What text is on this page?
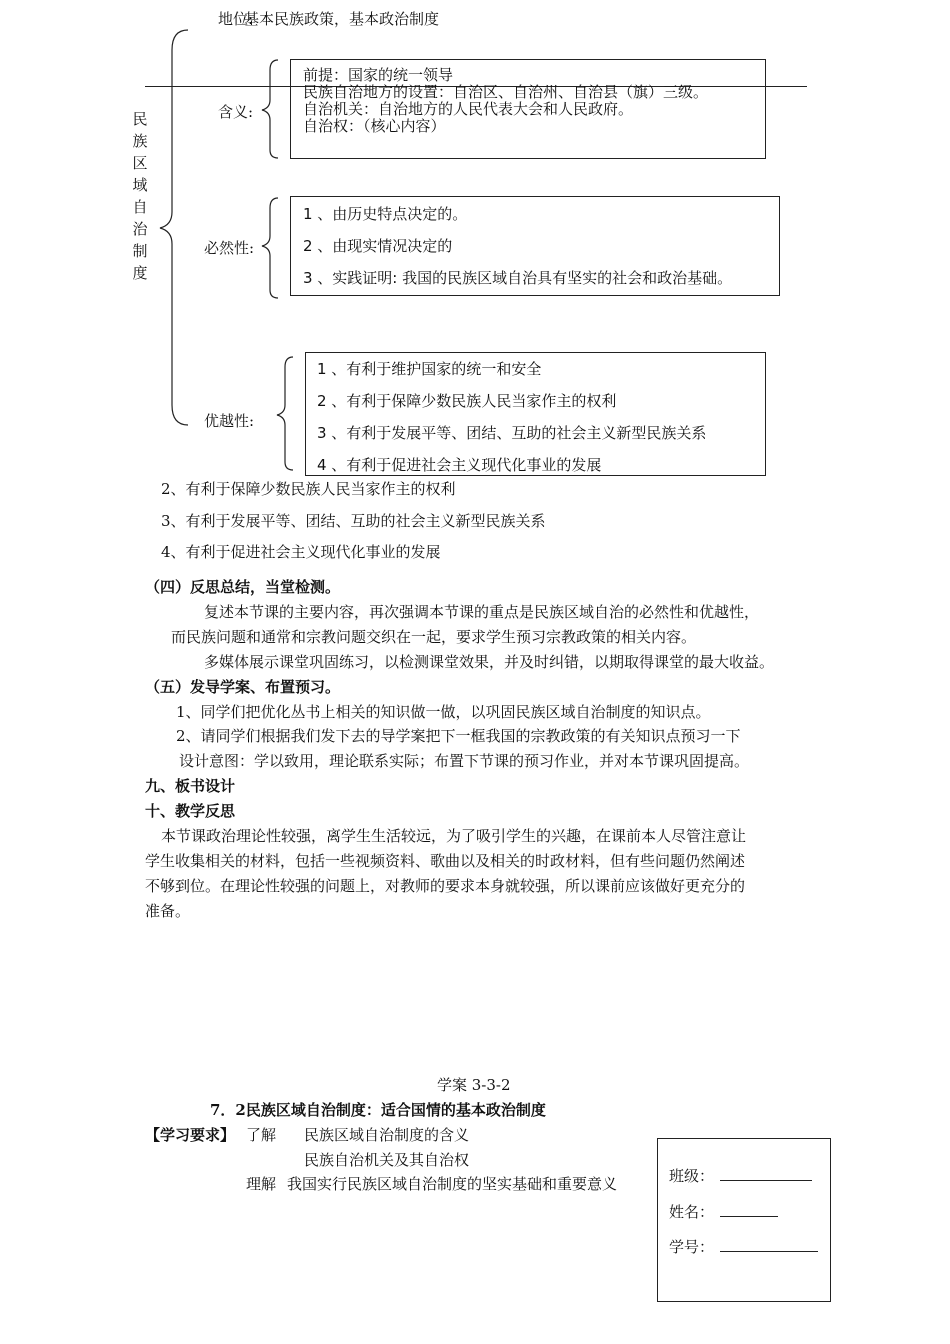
民族区域自治制度
地位:
基本民族政策，基本政治制度
含义:
前提：国家的统一领导
民族自治地方的设置：自治区、自治州、自治县（旗）三级。
自治机关：自治地方的人民代表大会和人民政府。
自治权：（核心内容）
必然性:
1 、由历史特点决定的。
2 、由现实情况决定的
3 、实践证明: 我国的民族区域自治具有坚实的社会和政治基础。
优越性:
1 、有利于维护国家的统一和安全
2 、有利于保障少数民族人民当家作主的权利
3 、有利于发展平等、团结、互助的社会主义新型民族关系
4 、有利于促进社会主义现代化事业的发展
2、有利于保障少数民族人民当家作主的权利
3、有利于发展平等、团结、互助的社会主义新型民族关系
4、有利于促进社会主义现代化事业的发展
（四）反思总结，当堂检测。
复述本节课的主要内容，再次强调本节课的重点是民族区域自治的必然性和优越性，
而民族问题和通常和宗教问题交织在一起，要求学生预习宗教政策的相关内容。
多媒体展示课堂巩固练习，以检测课堂效果，并及时纠错，以期取得课堂的最大收益。
（五）发导学案、布置预习。
1、同学们把优化丛书上相关的知识做一做，以巩固民族区域自治制度的知识点。
2、请同学们根据我们发下去的导学案把下一框我国的宗教政策的有关知识点预习一下
设计意图：学以致用，理论联系实际；布置下节课的预习作业，并对本节课巩固提高。
九、板书设计
十、教学反思
本节课政治理论性较强，离学生生活较远，为了吸引学生的兴趣，在课前本人尽管注意让
学生收集相关的材料，包括一些视频资料、歌曲以及相关的时政材料，但有些问题仍然阐述
不够到位。在理论性较强的问题上，对教师的要求本身就较强，所以课前应该做好更充分的
准备。
学案 3-3-2
7．2民族区域自治制度：适合国情的基本政治制度
【学习要求】 了解 民族区域自治制度的含义
民族自治机关及其自治权
理解 我国实行民族区域自治制度的坚实基础和重要意义	班级：
姓名：
学号：
